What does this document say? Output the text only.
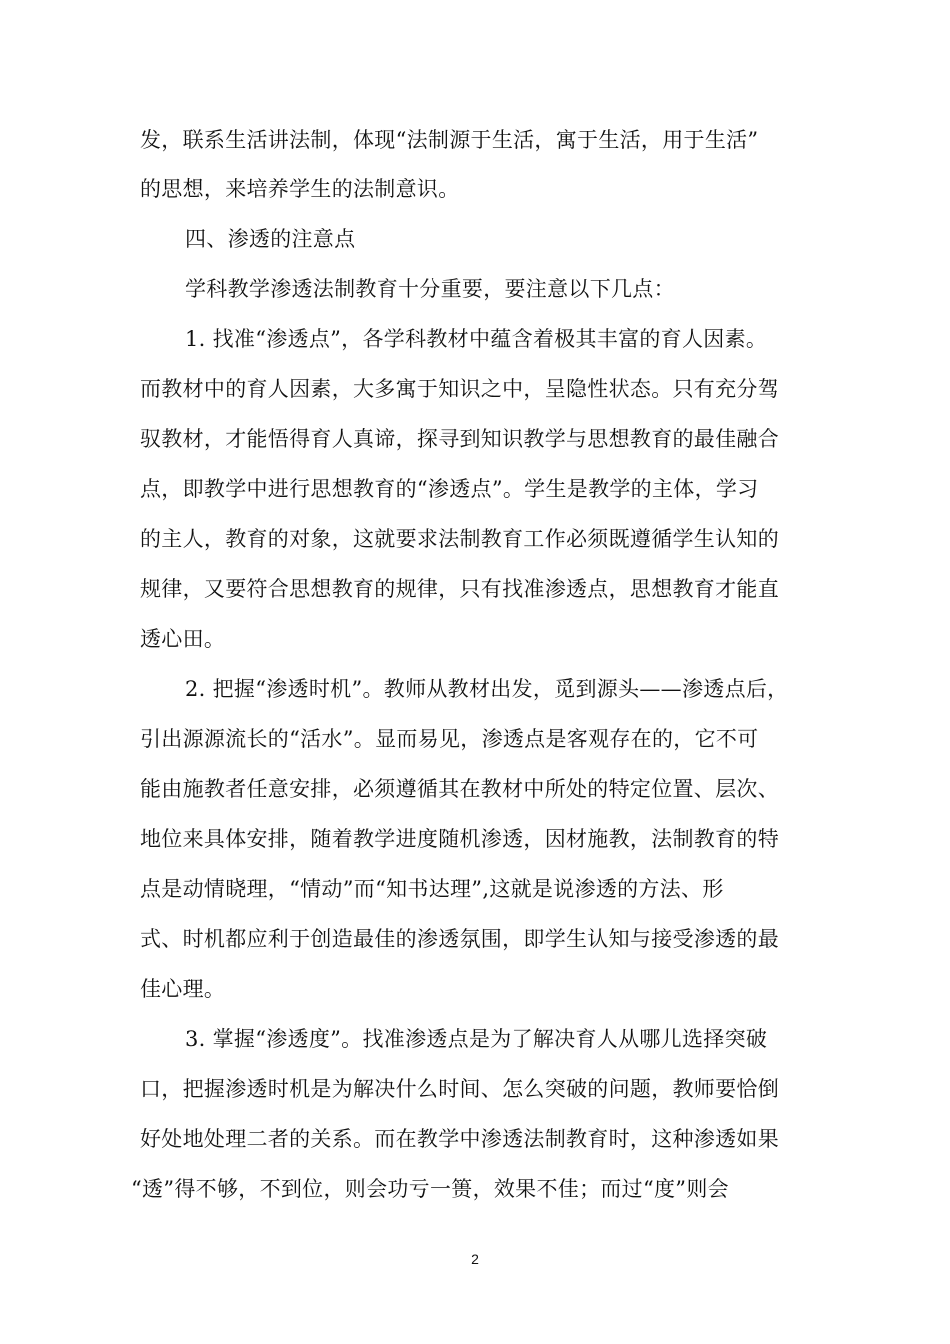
发，联系生活讲法制，体现“法制源于生活，寓于生活，用于生活”
的思想，来培养学生的法制意识。
四、渗透的注意点
学科教学渗透法制教育十分重要，要注意以下几点：
1. 找准“渗透点”，各学科教材中蕴含着极其丰富的育人因素。
而教材中的育人因素，大多寓于知识之中，呈隐性状态。只有充分驾
驭教材，才能悟得育人真谛，探寻到知识教学与思想教育的最佳融合
点，即教学中进行思想教育的“渗透点”。学生是教学的主体，学习
的主人，教育的对象，这就要求法制教育工作必须既遵循学生认知的
规律，又要符合思想教育的规律，只有找准渗透点，思想教育才能直
透心田。
2. 把握“渗透时机”。教师从教材出发，觅到源头——渗透点后，
引出源源流长的“活水”。显而易见，渗透点是客观存在的，它不可
能由施教者任意安排，必须遵循其在教材中所处的特定位置、层次、
地位来具体安排，随着教学进度随机渗透，因材施教，法制教育的特
点是动情晓理，“情动”而“知书达理”,这就是说渗透的方法、形
式、时机都应利于创造最佳的渗透氛围，即学生认知与接受渗透的最
佳心理。
3. 掌握“渗透度”。找准渗透点是为了解决育人从哪儿选择突破
口，把握渗透时机是为解决什么时间、怎么突破的问题，教师要恰倒
好处地处理二者的关系。而在教学中渗透法制教育时，这种渗透如果
“透”得不够，不到位，则会功亏一篑，效果不佳；而过“度”则会
2
